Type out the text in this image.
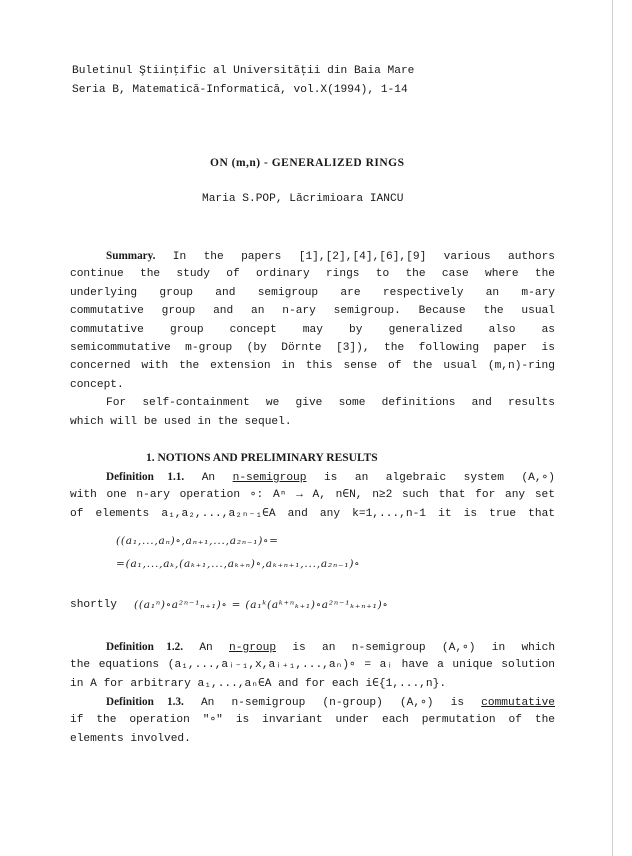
Buletinul Ştiinţific al Universităţii din Baia Mare
Seria B, Matematică-Informatică, vol.X(1994), 1-14
ON (m,n) - GENERALIZED RINGS
Maria S.POP, Lăcrimioara IANCU
Summary. In the papers [1],[2],[4],[6],[9] various authors
continue the study of ordinary rings to the case where the
underlying group and semigroup are respectively an m-ary
commutative group and an n-ary semigroup. Because the usual
commutative group concept may by generalized also as
semicommutative m-group (by Dörnte [3]), the following paper is
concerned with the extension in this sense of the usual (m,n)-ring
concept.
For self-containment we give some definitions and results
which will be used in the sequel.
1. NOTIONS AND PRELIMINARY RESULTS
Definition 1.1. An n-semigroup is an algebraic system (A,∘)
with one n-ary operation ∘: Aⁿ → A, n∈N, n≥2 such that for any set
of elements a₁,a₂,...,a₂ₙ₋₁∈A and any k=1,...,n-1 it is true that
((a₁,...,aₙ)∘,aₙ₊₁,...,a₂ₙ₋₁)∘=
=(a₁,...,aₖ,(aₖ₊₁,...,aₖ₊ₙ)∘,aₖ₊ₙ₊₁,...,a₂ₙ₋₁)∘
shortly ((a₁ⁿ)∘a²ⁿ⁻¹ₙ₊₁)∘ = (a₁ᵏ(aᵏ⁺ⁿₖ₊₁)∘a²ⁿ⁻¹ₖ₊ₙ₊₁)∘
Definition 1.2. An n-group is an n-semigroup (A,∘) in which
the equations (a₁,...,aᵢ₋₁,x,aᵢ₊₁,...,aₙ)∘ = aᵢ have a unique solution
in A for arbitrary a₁,...,aₙ∈A and for each i∈{1,...,n}.
Definition 1.3. An n-semigroup (n-group) (A,∘) is commutative
if the operation "∘" is invariant under each permutation of the
elements involved.
